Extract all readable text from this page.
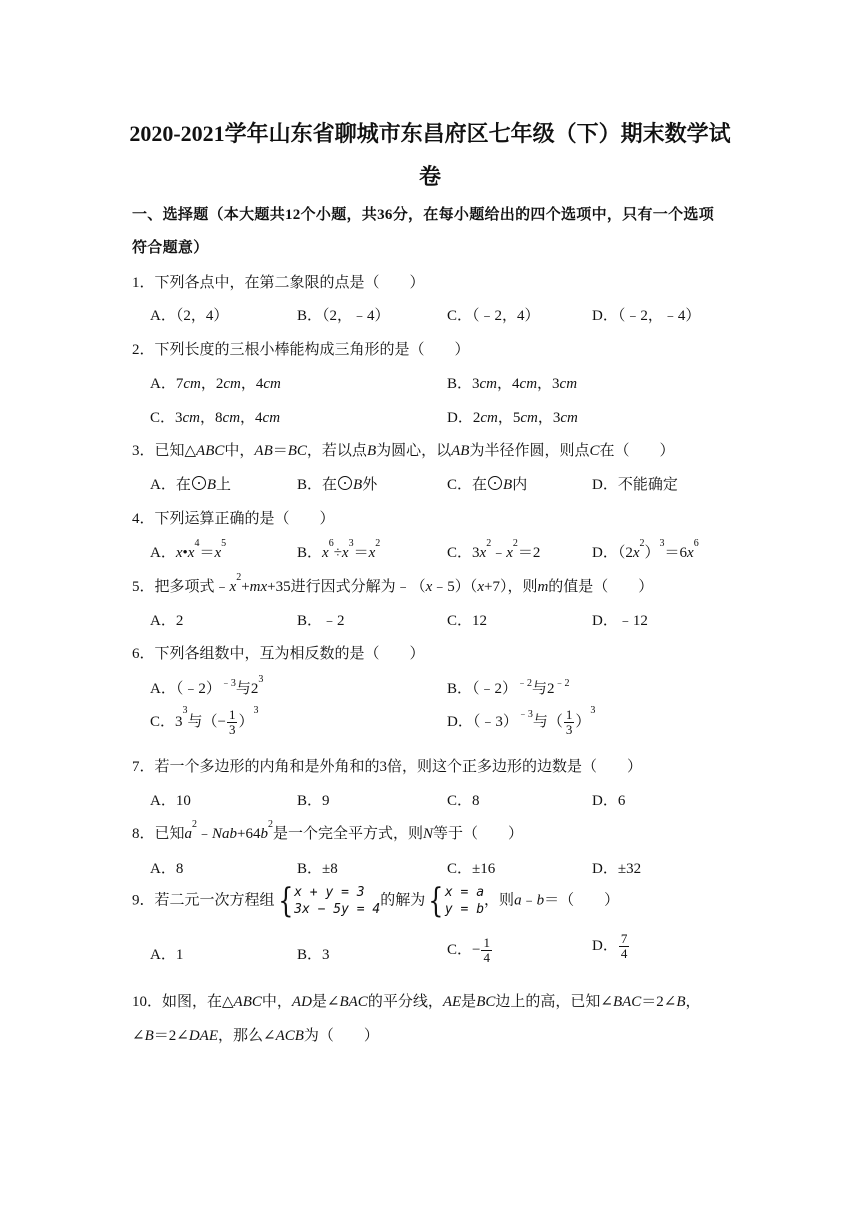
2020-2021学年山东省聊城市东昌府区七年级（下）期末数学试
卷
一、选择题（本大题共12个小题，共36分，在每小题给出的四个选项中，只有一个选项
符合题意）
1．下列各点中，在第二象限的点是（　　）
A．（2，4）	B．（2，﹣4）	C．（﹣2，4）	D．（﹣2，﹣4）
2．下列长度的三根小棒能构成三角形的是（　　）
A．7cm，2cm，4cm	B．3cm，4cm，3cm
C．3cm，8cm，4cm	D．2cm，5cm，3cm
3．已知△ABC中，AB＝BC，若以点B为圆心，以AB为半径作圆，则点C在（　　）
A．在 B上	B．在 B外	C．在 B内	D．不能确定
4．下列运算正确的是（　　）
A．$x•x^4=x^5$
B．$x^6\div x^3=x^2$
C．$3x^2﹣x^2=2$	D．$(2x^2)^3=6x^6$
5．把多项式$﹣x^2+mx+35$进行因式分解为﹣（x﹣5）（x+7），则m的值是（　　）
A．2	B．﹣2	C．12	D．﹣12
6．下列各组数中，互为相反数的是（　　）
A．（﹣2）$^{﹣3}$与$2^3$
B．（﹣2）$^{﹣2}$与$2^{﹣2}$
C．$3^3$与（− $\frac{1}{3} )^3$
D．（﹣3）$^{﹣3}$与（ $\frac{1}{3} )^3$
7．若一个多边形的内角和是外角和的3倍，则这个正多边形的边数是（　　）
A．10	B．9	C．8	D．6
8．已知$a^2﹣Nab+64b^2$是一个完全平方式，则N等于（　　）
A．8	B．±8	C．±16	D．±32
9．若二元一次方程组 { x + y = 3
3x − 5y = 4
的解为 { x = a
y = b
，则a﹣b＝（　　）
A．1	B．3	C．− $\frac{1}{4}$	D． $\frac{7}{4}$
10．如图，在△ABC中，AD是∠BAC的平分线，AE是BC边上的高，已知∠BAC＝2∠B，
∠B＝2∠DAE，那么∠ACB为（　　）
